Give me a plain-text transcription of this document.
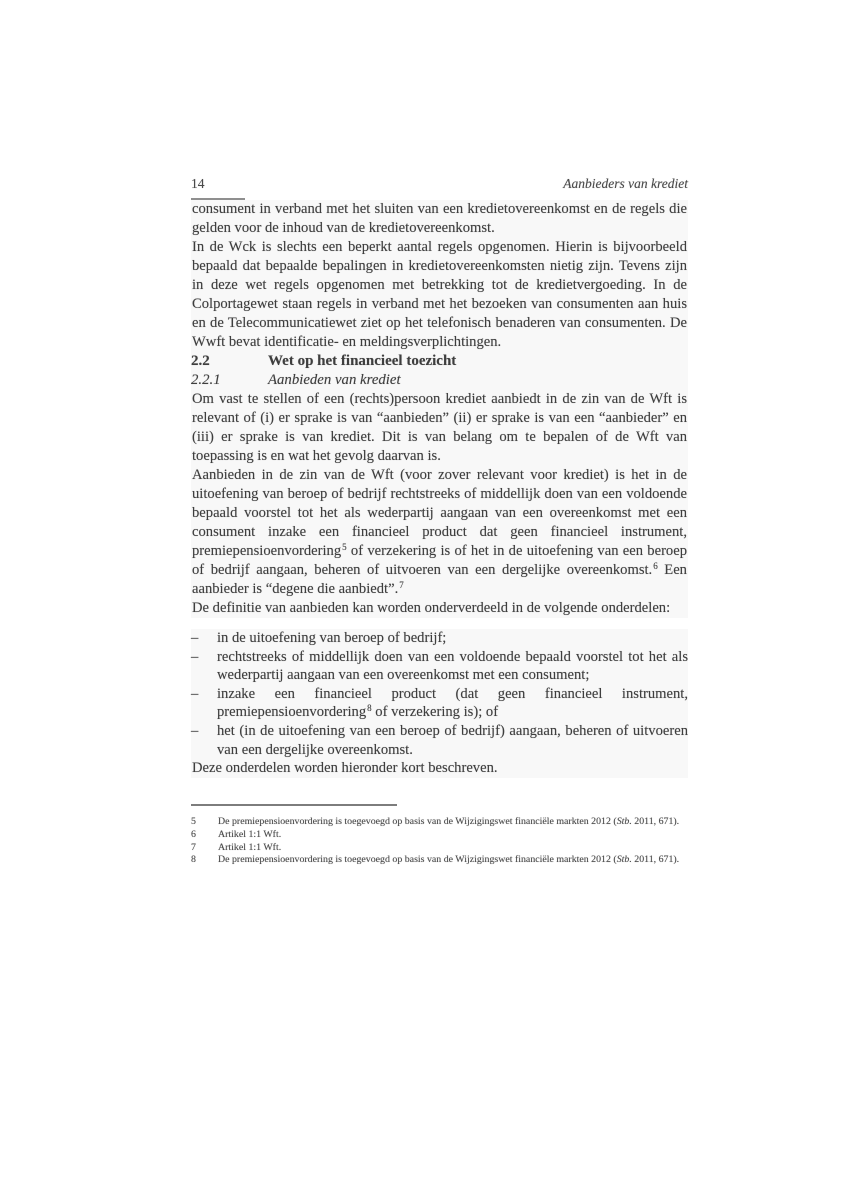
14	Aanbieders van krediet

consument in verband met het sluiten van een kredietovereenkomst en de regels die gelden voor de inhoud van de kredietovereenkomst.

In de Wck is slechts een beperkt aantal regels opgenomen. Hierin is bijvoorbeeld bepaald dat bepaalde bepalingen in kredietovereenkomsten nietig zijn. Tevens zijn in deze wet regels opgenomen met betrekking tot de kredietvergoeding. In de Colportagewet staan regels in verband met het bezoeken van consumenten aan huis en de Telecommunicatiewet ziet op het telefonisch benaderen van consumenten. De Wwft bevat identificatie- en meldingsverplichtingen.

2.2	Wet op het financieel toezicht
2.2.1	Aanbieden van krediet

Om vast te stellen of een (rechts)persoon krediet aanbiedt in de zin van de Wft is relevant of (i) er sprake is van “aanbieden” (ii) er sprake is van een “aanbieder” en (iii) er sprake is van krediet. Dit is van belang om te bepalen of de Wft van toepassing is en wat het gevolg daarvan is.

Aanbieden in de zin van de Wft (voor zover relevant voor krediet) is het in de uitoefening van beroep of bedrijf rechtstreeks of middellijk doen van een voldoende bepaald voorstel tot het als wederpartij aangaan van een overeenkomst met een consument inzake een financieel product dat geen financieel instrument, premiepensioenvordering$^5$ of verzekering is of het in de uitoefening van een beroep of bedrijf aangaan, beheren of uitvoeren van een dergelijke overeenkomst.$^6$ Een aanbieder is “degene die aanbiedt”.$^7$

De definitie van aanbieden kan worden onderverdeeld in de volgende onderdelen:

–	in de uitoefening van beroep of bedrijf;
–	rechtstreeks of middellijk doen van een voldoende bepaald voorstel tot het als wederpartij aangaan van een overeenkomst met een consument;
–	inzake een financieel product (dat geen financieel instrument, premiepensioenvordering$^8$ of verzekering is); of
–	het (in de uitoefening van een beroep of bedrijf) aangaan, beheren of uitvoeren van een dergelijke overeenkomst.

Deze onderdelen worden hieronder kort beschreven.

5	De premiepensioenvordering is toegevoegd op basis van de Wijzigingswet financiële markten 2012 (Stb. 2011, 671).
6	Artikel 1:1 Wft.
7	Artikel 1:1 Wft.
8	De premiepensioenvordering is toegevoegd op basis van de Wijzigingswet financiële markten 2012 (Stb. 2011, 671).
